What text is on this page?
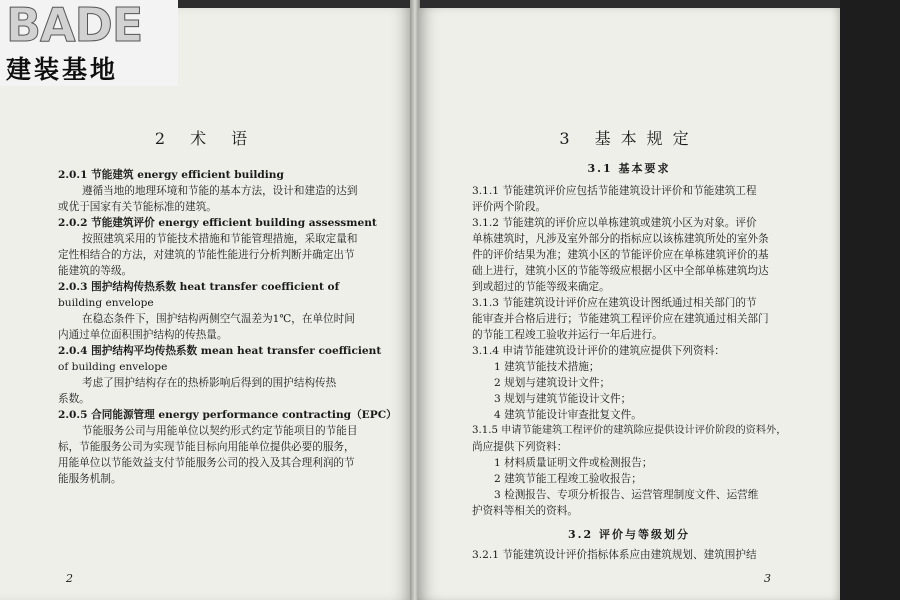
2 术 语
2.0.1 节能建筑 energy efficient building
遵循当地的地理环境和节能的基本方法，设计和建造的达到
或优于国家有关节能标准的建筑。
2.0.2 节能建筑评价 energy efficient building assessment
按照建筑采用的节能技术措施和节能管理措施，采取定量和
定性相结合的方法，对建筑的节能性能进行分析判断并确定出节
能建筑的等级。
2.0.3 围护结构传热系数 heat transfer coefficient of
building envelope
在稳态条件下，围护结构两侧空气温差为1℃，在单位时间
内通过单位面积围护结构的传热量。
2.0.4 围护结构平均传热系数 mean heat transfer coefficient
of building envelope
考虑了围护结构存在的热桥影响后得到的围护结构传热
系数。
2.0.5 合同能源管理 energy performance contracting（EPC）
节能服务公司与用能单位以契约形式约定节能项目的节能目
标，节能服务公司为实现节能目标向用能单位提供必要的服务，
用能单位以节能效益支付节能服务公司的投入及其合理利润的节
能服务机制。
2
3 基本规定
3.1 基本要求
3.1.1 节能建筑评价应包括节能建筑设计评价和节能建筑工程
评价两个阶段。
3.1.2 节能建筑的评价应以单栋建筑或建筑小区为对象。评价
单栋建筑时，凡涉及室外部分的指标应以该栋建筑所处的室外条
件的评价结果为准；建筑小区的节能评价应在单栋建筑评价的基
础上进行，建筑小区的节能等级应根据小区中全部单栋建筑均达
到或超过的节能等级来确定。
3.1.3 节能建筑设计评价应在建筑设计图纸通过相关部门的节
能审查并合格后进行；节能建筑工程评价应在建筑通过相关部门
的节能工程竣工验收并运行一年后进行。
3.1.4 申请节能建筑设计评价的建筑应提供下列资料：
1 建筑节能技术措施；
2 规划与建筑设计文件；
3 规划与建筑节能设计文件；
4 建筑节能设计审查批复文件。
3.1.5 申请节能建筑工程评价的建筑除应提供设计评价阶段的资料外，
尚应提供下列资料：
1 材料质量证明文件或检测报告；
2 建筑节能工程竣工验收报告；
3 检测报告、专项分析报告、运营管理制度文件、运营维
护资料等相关的资料。
3.2 评价与等级划分
3.2.1 节能建筑设计评价指标体系应由建筑规划、建筑围护结
3
BADE
建装基地
